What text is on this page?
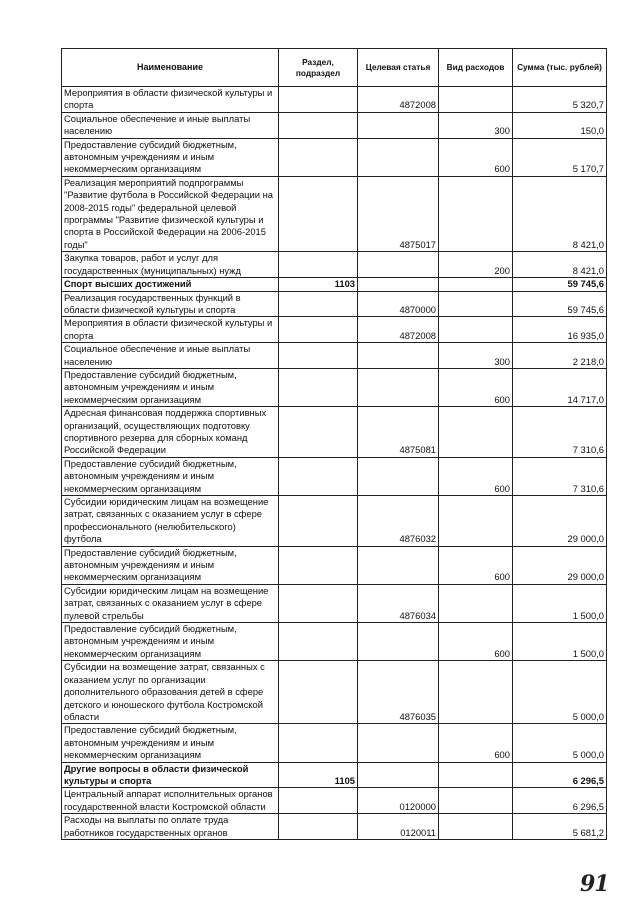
Наименование	Раздел, подраздел	Целевая статья	Вид расходов	Сумма (тыс. рублей)
Мероприятия в области физической культуры и спорта		4872008		5 320,7
Социальное обеспечение и иные выплаты населению			300	150,0
Предоставление субсидий бюджетным, автономным учреждениям и иным некоммерческим организациям			600	5 170,7
Реализация мероприятий подпрограммы "Развитие футбола в Российской Федерации на 2008-2015 годы" федеральной целевой программы "Развитие физической культуры и спорта в Российской Федерации на 2006-2015 годы"		4875017		8 421,0
Закупка товаров, работ и услуг для государственных (муниципальных) нужд			200	8 421,0
Спорт высших достижений	1103			59 745,6
Реализация государственных функций в области физической культуры и спорта		4870000		59 745,6
Мероприятия в области физической культуры и спорта		4872008		16 935,0
Социальное обеспечение и иные выплаты населению			300	2 218,0
Предоставление субсидий бюджетным, автономным учреждениям и иным некоммерческим организациям			600	14 717,0
Адресная финансовая поддержка спортивных организаций, осуществляющих подготовку спортивного резерва для сборных команд Российской Федерации		4875081		7 310,6
Предоставление субсидий бюджетным, автономным учреждениям и иным некоммерческим организациям			600	7 310,6
Субсидии юридическим лицам на возмещение затрат, связанных с оказанием услуг в сфере профессионального (нелюбительского) футбола		4876032		29 000,0
Предоставление субсидий бюджетным, автономным учреждениям и иным некоммерческим организациям			600	29 000,0
Субсидии юридическим лицам на возмещение затрат, связанных с оказанием услуг в сфере пулевой стрельбы		4876034		1 500,0
Предоставление субсидий бюджетным, автономным учреждениям и иным некоммерческим организациям			600	1 500,0
Субсидии на возмещение затрат, связанных с оказанием услуг по организации дополнительного образования детей в сфере детского и юношеского футбола Костромской области		4876035		5 000,0
Предоставление субсидий бюджетным, автономным учреждениям и иным некоммерческим организациям			600	5 000,0
Другие вопросы в области физической культуры и спорта	1105			6 296,5
Центральный аппарат исполнительных органов государственной власти Костромской области		0120000		6 296,5
Расходы на выплаты по оплате труда работников государственных органов		0120011		5 681,2
91
